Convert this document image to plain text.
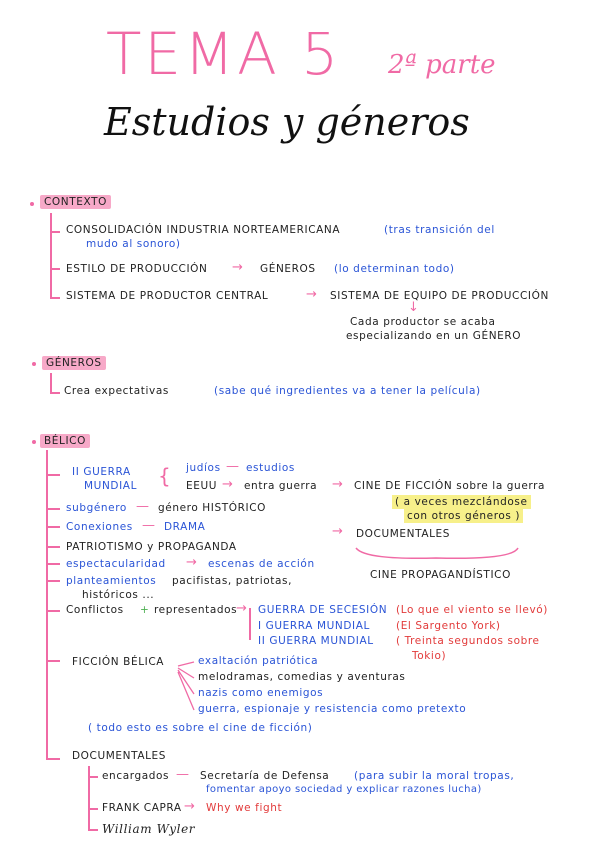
TEMA 5 2ª parte
Estudios y géneros
CONTEXTO
CONSOLIDACIÓN INDUSTRIA NORTEAMERICANA	(tras transición del
mudo al sonoro)
ESTILO DE PRODUCCIÓN → GÉNEROS (lo determinan todo)
SISTEMA DE PRODUCTOR CENTRAL	→ SISTEMA DE EQUIPO DE PRODUCCIÓN
↓
Cada productor se acaba
especializando en un GÉNERO
GÉNEROS
Crea expectativas	(sabe qué ingredientes va a tener la película)
BÉLICO
II GUERRA
MUNDIAL { judíos — estudios
EEUU → entra guerra → CINE DE FICCIÓN sobre la guerra
( a veces mezclándose
con otros géneros )
subgénero — género HISTÓRICO
Conexiones — DRAMA	→ DOCUMENTALES
PATRIOTISMO y PROPAGANDA
espectacularidad → escenas de acción
CINE PROPAGANDÍSTICO
planteamientos pacifistas, patriotas,
históricos ...
Conflictos + representados
→ GUERRA DE SECESIÓN (Lo que el viento se llevó)
I GUERRA MUNDIAL (El Sargento York)
II GUERRA MUNDIAL ( Treinta segundos sobre
Tokio)
FICCIÓN BÉLICA	exaltación patriótica
melodramas, comedias y aventuras
nazis como enemigos
guerra, espionaje y resistencia como pretexto
( todo esto es sobre el cine de ficción)
DOCUMENTALES
encargados — Secretaría de Defensa (para subir la moral tropas,
fomentar apoyo sociedad y explicar razones lucha)
FRANK CAPRA → Why we fight
William Wyler
